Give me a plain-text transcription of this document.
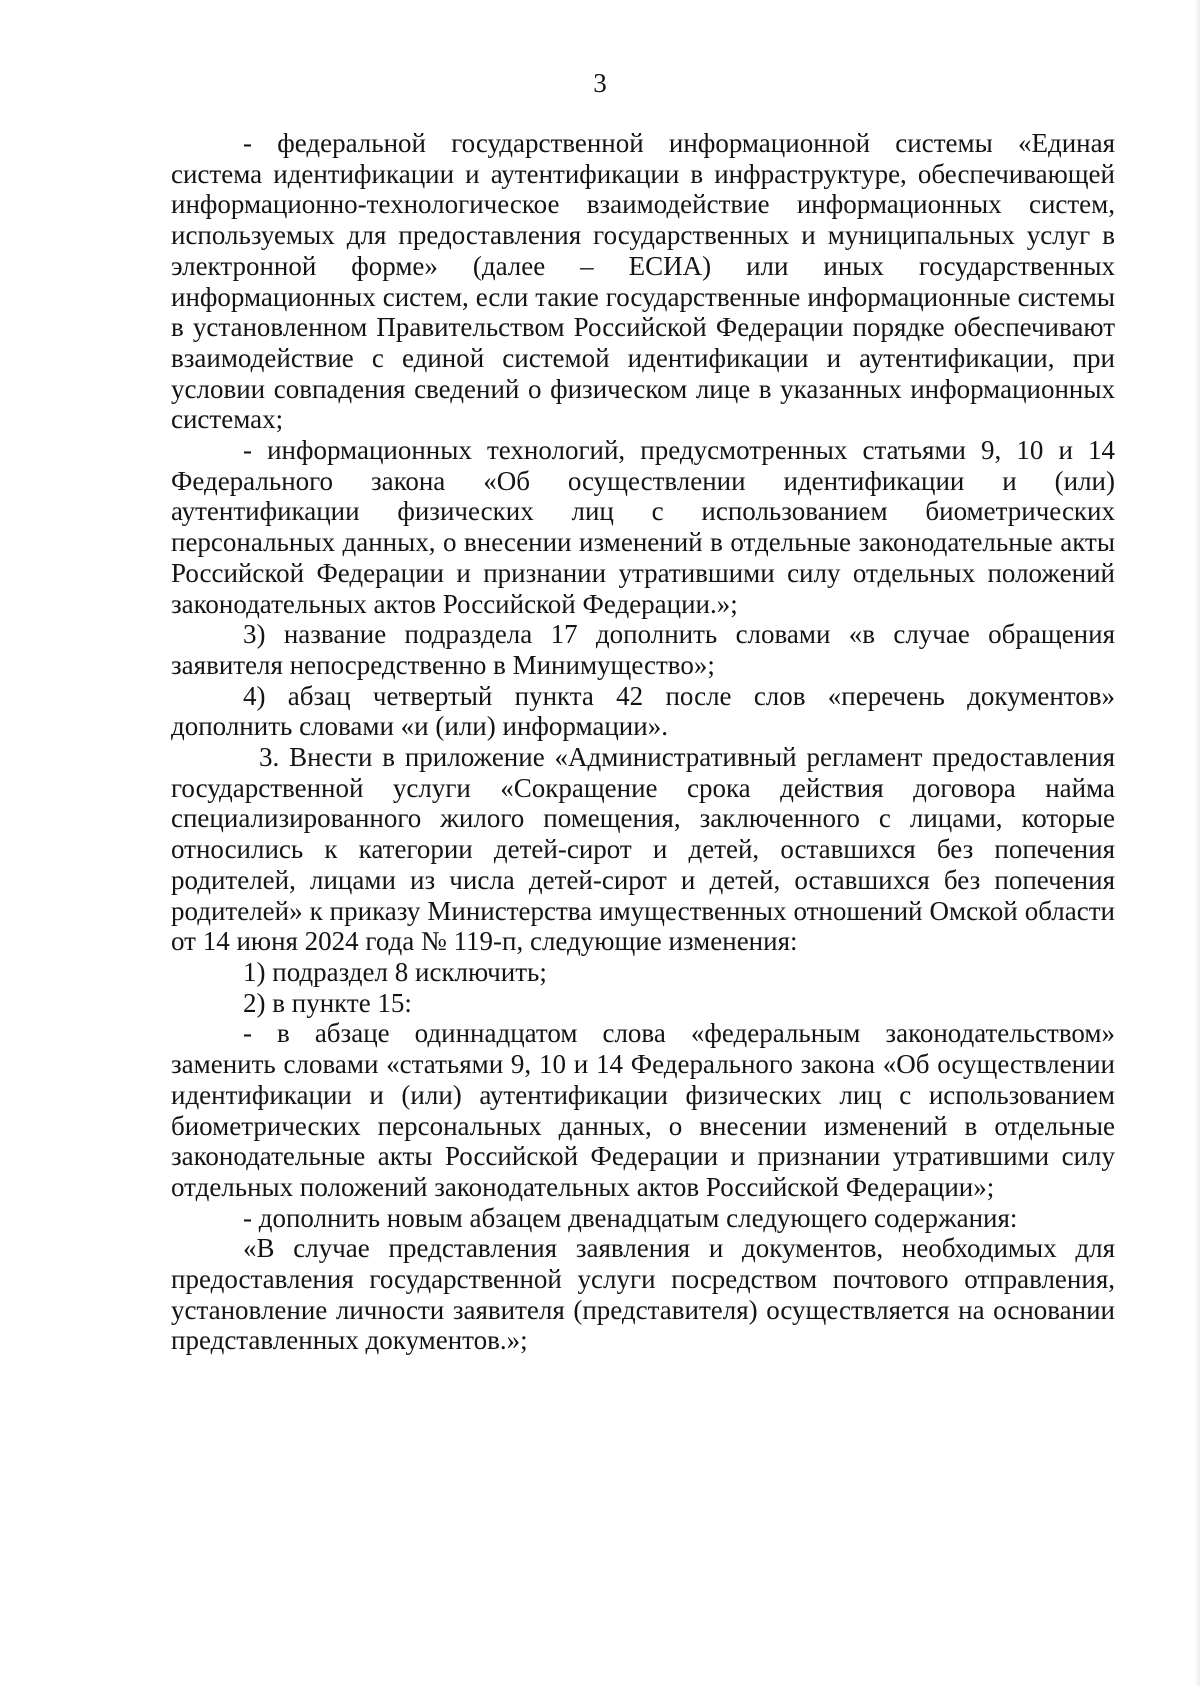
3

- федеральной государственной информационной системы «Единая система идентификации и аутентификации в инфраструктуре, обеспечивающей информационно-технологическое взаимодействие информационных систем, используемых для предоставления государственных и муниципальных услуг в электронной форме» (далее – ЕСИА) или иных государственных информационных систем, если такие государственные информационные системы в установленном Правительством Российской Федерации порядке обеспечивают взаимодействие с единой системой идентификации и аутентификации, при условии совпадения сведений о физическом лице в указанных информационных системах;

- информационных технологий, предусмотренных статьями 9, 10 и 14 Федерального закона «Об осуществлении идентификации и (или) аутентификации физических лиц с использованием биометрических персональных данных, о внесении изменений в отдельные законодательные акты Российской Федерации и признании утратившими силу отдельных положений законодательных актов Российской Федерации.»;

3) название подраздела 17 дополнить словами «в случае обращения заявителя непосредственно в Минимущество»;

4) абзац четвертый пункта 42 после слов «перечень документов» дополнить словами «и (или) информации».

3. Внести в приложение «Административный регламент предоставления государственной услуги «Сокращение срока действия договора найма специализированного жилого помещения, заключенного с лицами, которые относились к категории детей-сирот и детей, оставшихся без попечения родителей, лицами из числа детей-сирот и детей, оставшихся без попечения родителей» к приказу Министерства имущественных отношений Омской области от 14 июня 2024 года № 119-п, следующие изменения:

1) подраздел 8 исключить;

2) в пункте 15:

- в абзаце одиннадцатом слова «федеральным законодательством» заменить словами «статьями 9, 10 и 14 Федерального закона «Об осуществлении идентификации и (или) аутентификации физических лиц с использованием биометрических персональных данных, о внесении изменений в отдельные законодательные акты Российской Федерации и признании утратившими силу отдельных положений законодательных актов Российской Федерации»;

- дополнить новым абзацем двенадцатым следующего содержания:

«В случае представления заявления и документов, необходимых для предоставления государственной услуги посредством почтового отправления, установление личности заявителя (представителя) осуществляется на основании представленных документов.»;
